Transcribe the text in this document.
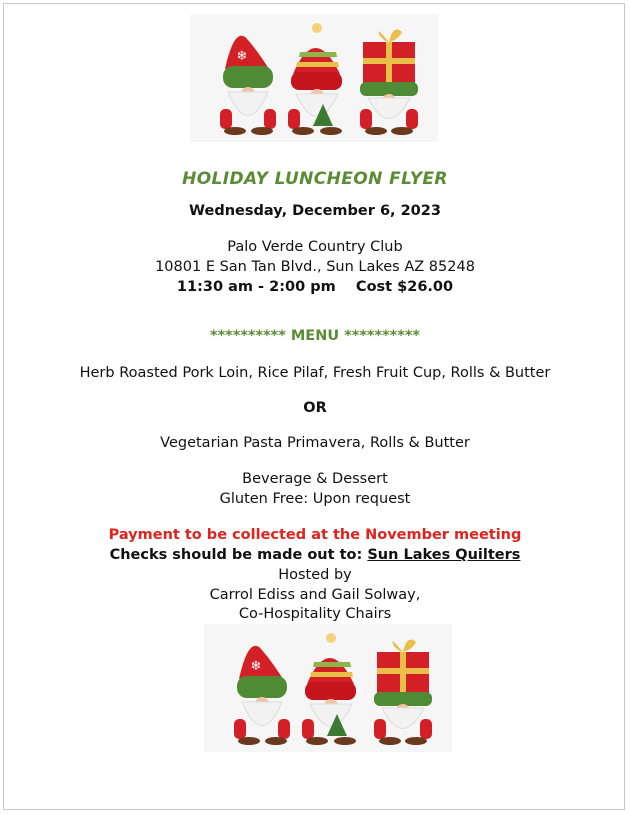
❄
HOLIDAY LUNCHEON FLYER
Wednesday, December 6, 2023
Palo Verde Country Club
10801 E San Tan Blvd., Sun Lakes AZ 85248
11:30 am - 2:00 pm Cost $26.00
********** MENU **********
Herb Roasted Pork Loin, Rice Pilaf, Fresh Fruit Cup, Rolls & Butter
OR
Vegetarian Pasta Primavera, Rolls & Butter
Beverage & Dessert
Gluten Free: Upon request
Payment to be collected at the November meeting
Checks should be made out to: Sun Lakes Quilters
Hosted by
Carrol Ediss and Gail Solway,
Co-Hospitality Chairs
❄
